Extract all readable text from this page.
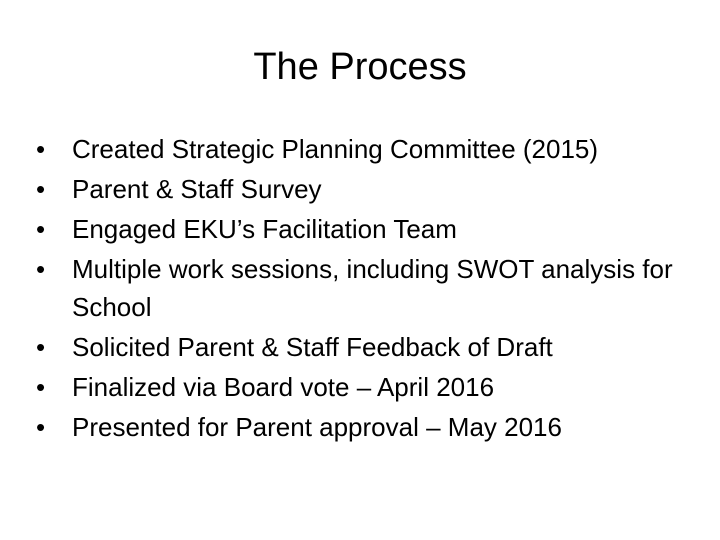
The Process
•	Created Strategic Planning Committee (2015)
•	Parent & Staff Survey
•	Engaged EKU’s Facilitation Team
•	Multiple work sessions, including SWOT analysis for School
•	Solicited Parent & Staff Feedback of Draft
•	Finalized via Board vote – April 2016
•	Presented for Parent approval – May 2016
